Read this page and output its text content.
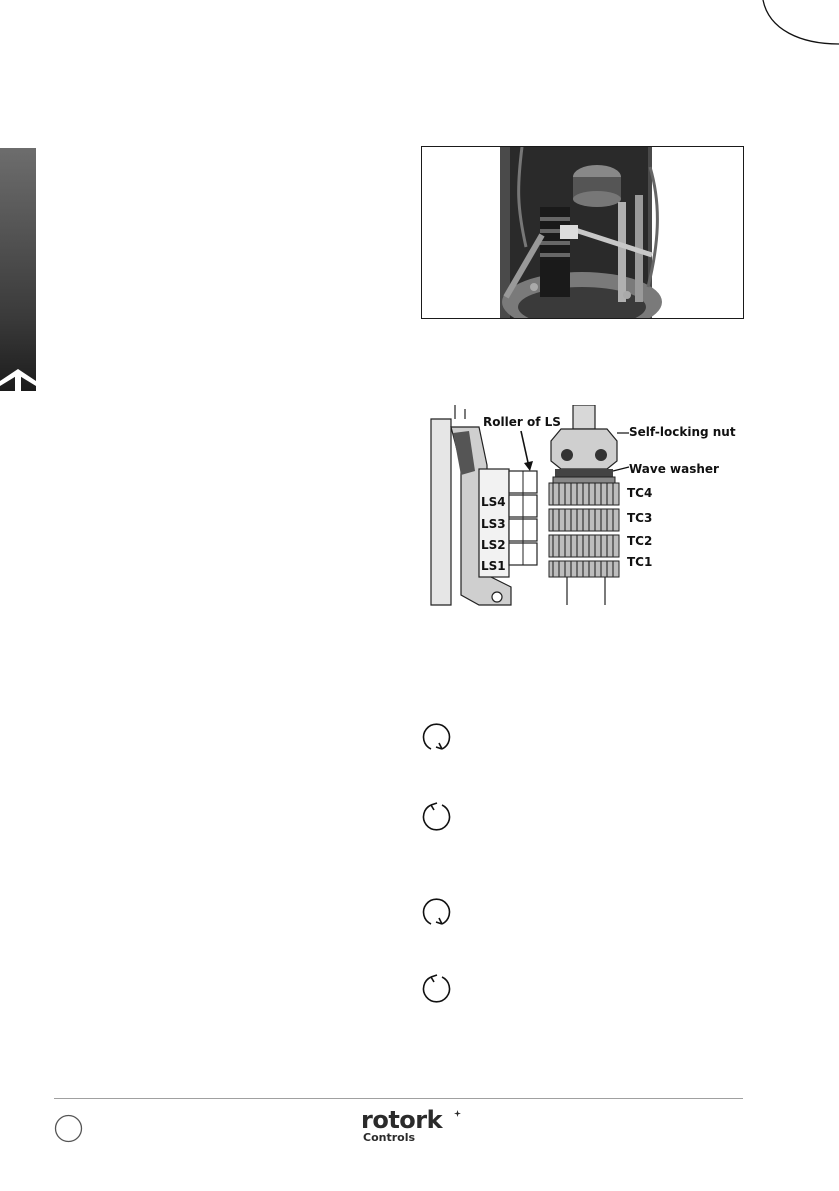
Roller of LS
Self-locking nut
Wave washer
TC4
TC3
TC2
TC1
LS4
LS3
LS2
LS1
rotork
Controls
